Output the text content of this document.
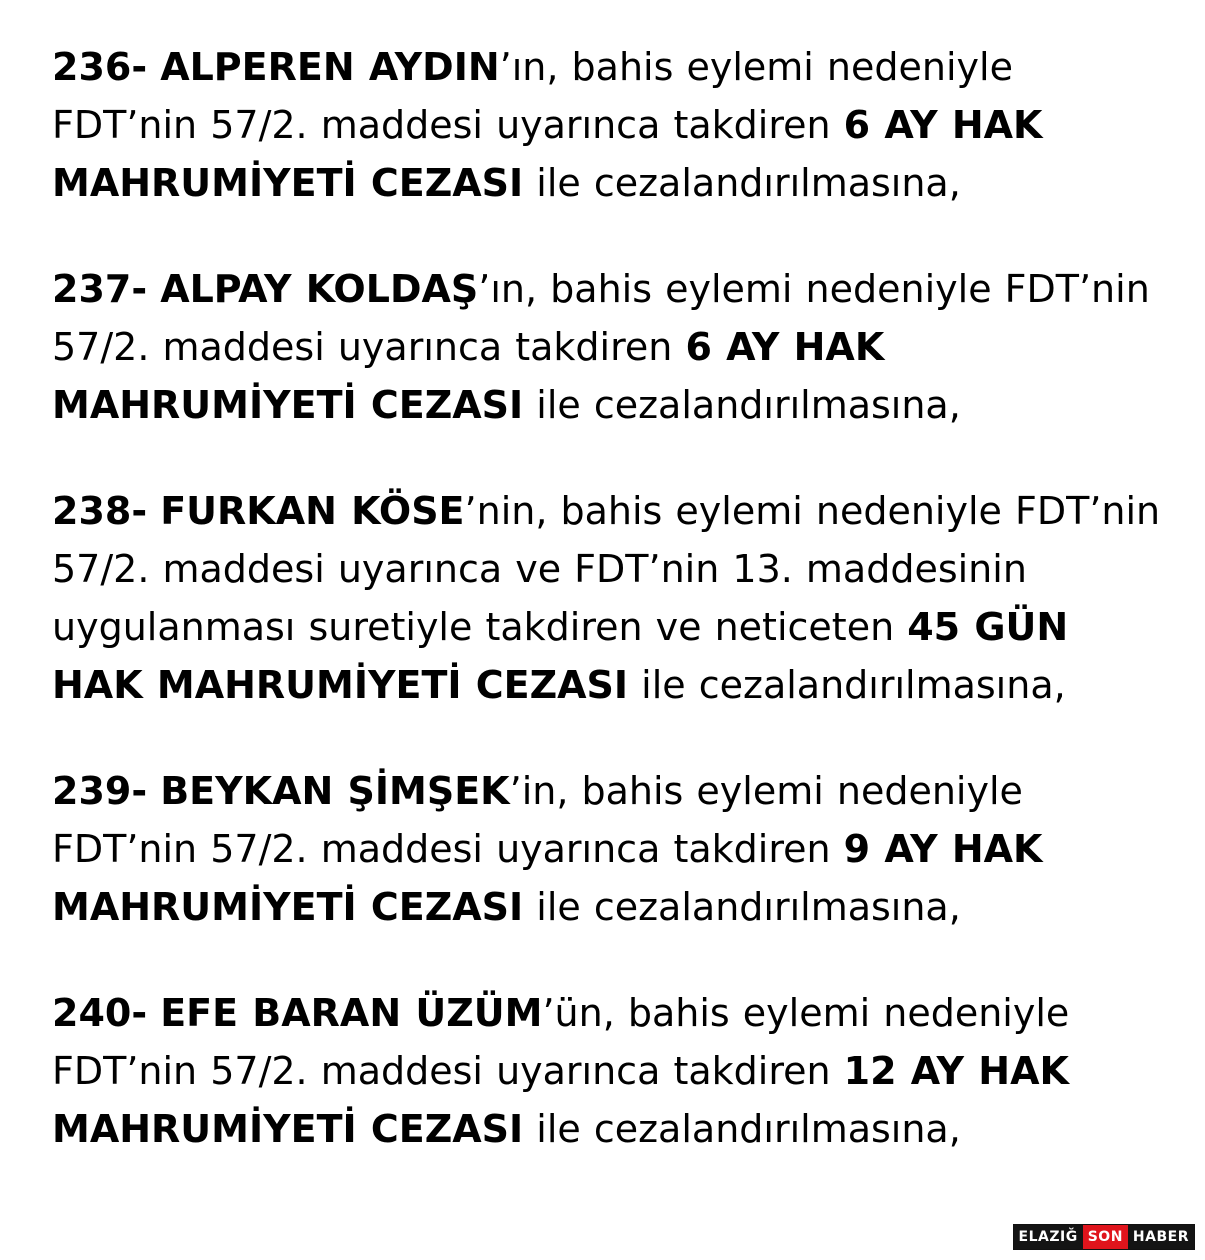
236- ALPEREN AYDIN’ın, bahis eylemi nedeniyle FDT’nin 57/2. maddesi uyarınca takdiren 6 AY HAK MAHRUMİYETİ CEZASI ile cezalandırılmasına,

237- ALPAY KOLDAŞ’ın, bahis eylemi nedeniyle FDT’nin 57/2. maddesi uyarınca takdiren 6 AY HAK MAHRUMİYETİ CEZASI ile cezalandırılmasına,

238- FURKAN KÖSE’nin, bahis eylemi nedeniyle FDT’nin 57/2. maddesi uyarınca ve FDT’nin 13. maddesinin uygulanması suretiyle takdiren ve neticeten 45 GÜN HAK MAHRUMİYETİ CEZASI ile cezalandırılmasına,

239- BEYKAN ŞİMŞEK’in, bahis eylemi nedeniyle FDT’nin 57/2. maddesi uyarınca takdiren 9 AY HAK MAHRUMİYETİ CEZASI ile cezalandırılmasına,

240- EFE BARAN ÜZÜM’ün, bahis eylemi nedeniyle FDT’nin 57/2. maddesi uyarınca takdiren 12 AY HAK MAHRUMİYETİ CEZASI ile cezalandırılmasına,

ELAZIĞ SON HABER
